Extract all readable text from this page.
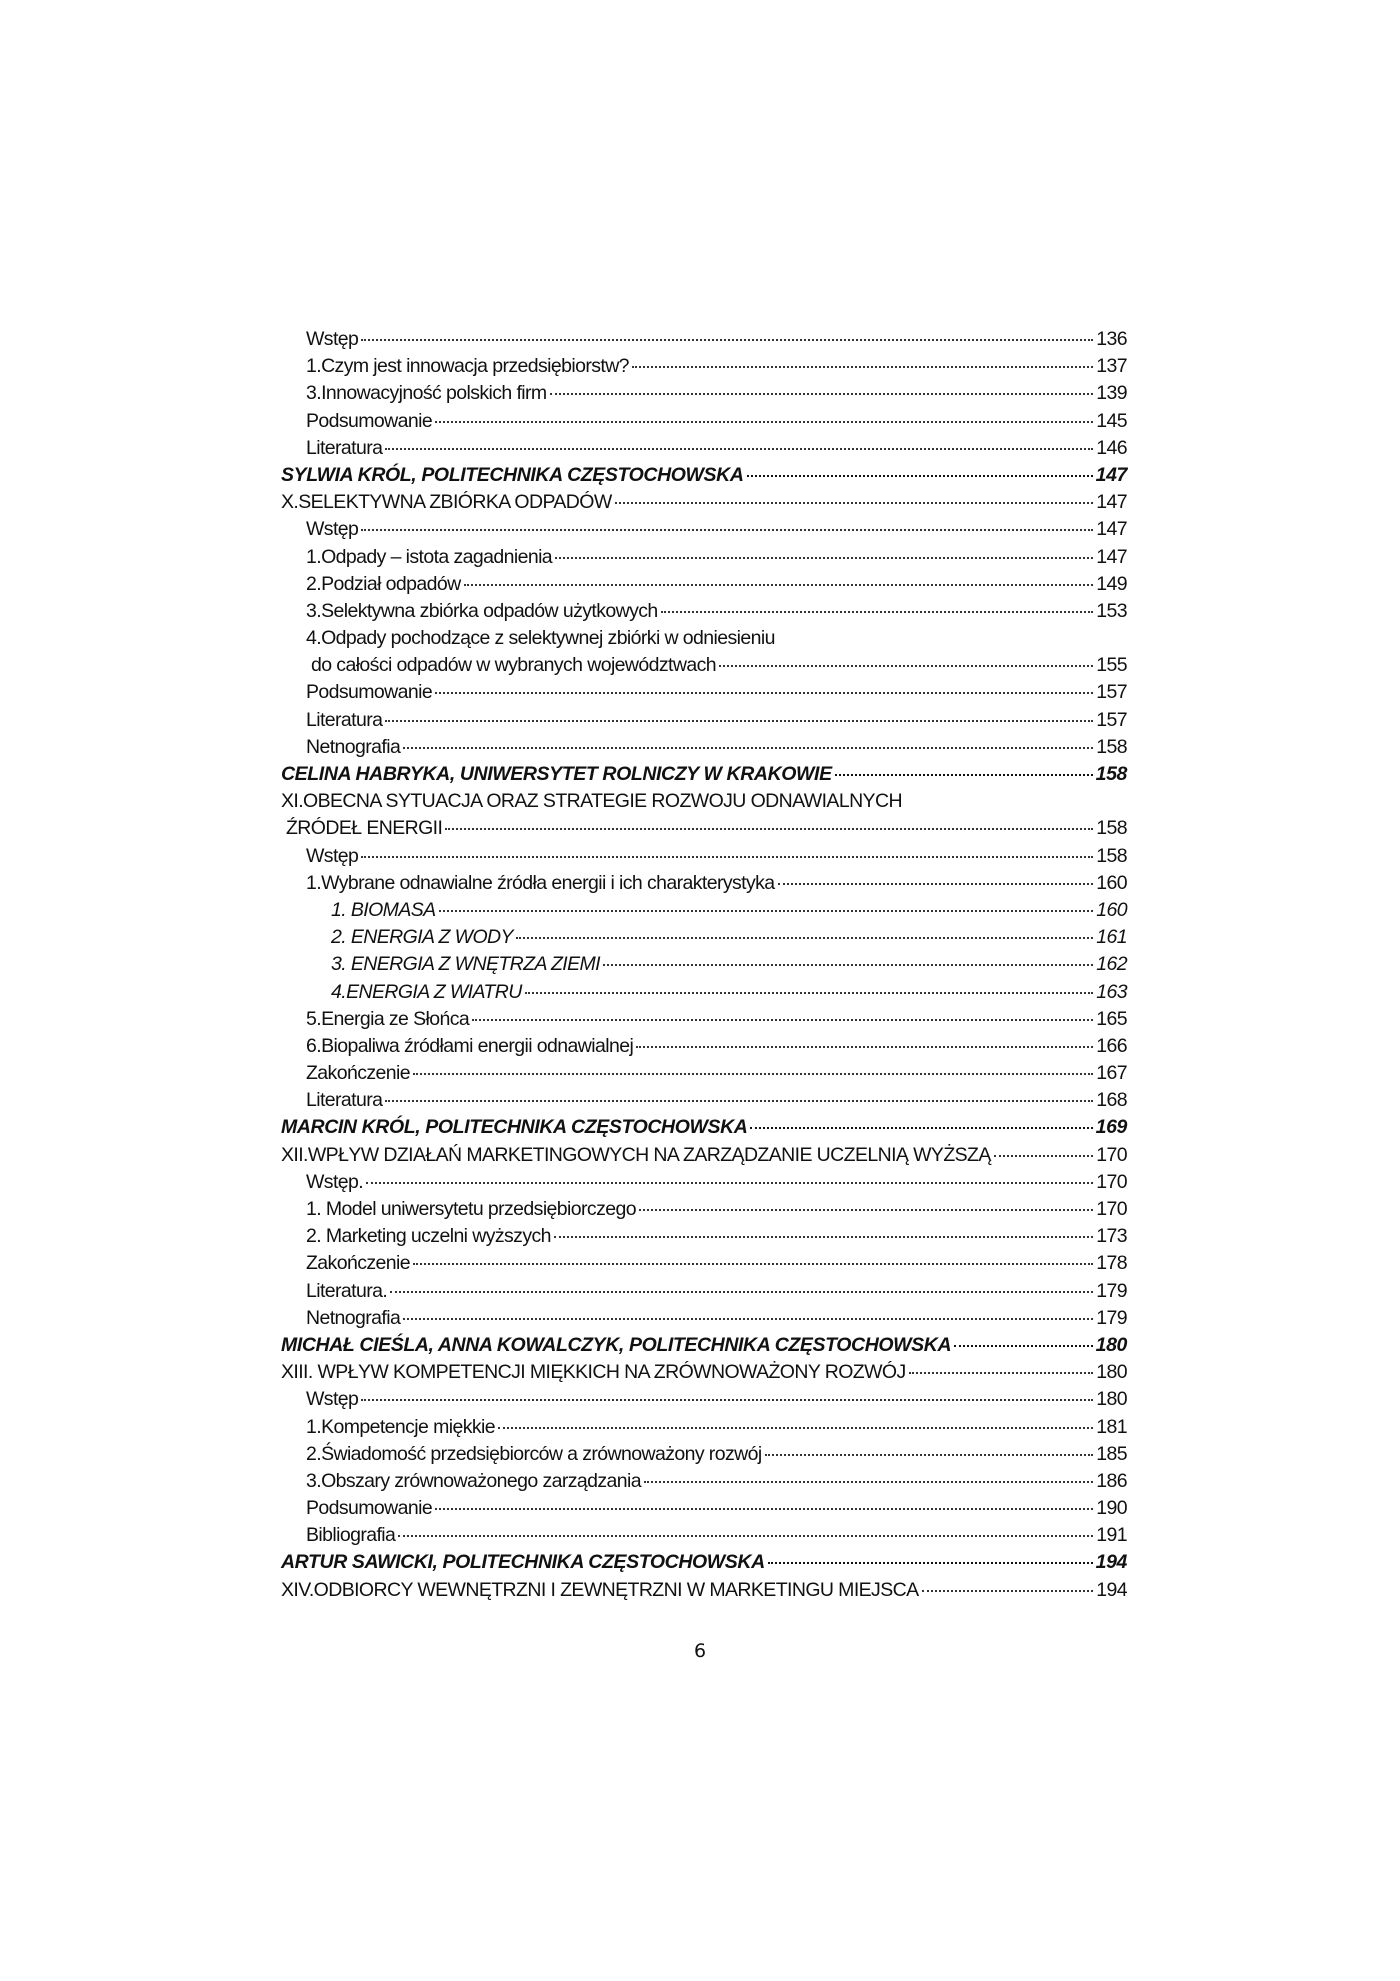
Wstęp	136
1.Czym jest innowacja przedsiębiorstw?	137
3.Innowacyjność polskich firm	139
Podsumowanie	145
Literatura	146
SYLWIA KRÓL, POLITECHNIKA CZĘSTOCHOWSKA	147
X.SELEKTYWNA ZBIÓRKA ODPADÓW	147
Wstęp	147
1.Odpady – istota zagadnienia	147
2.Podział odpadów	149
3.Selektywna zbiórka odpadów użytkowych	153
4.Odpady pochodzące z selektywnej zbiórki w odniesieniu
do całości odpadów w wybranych województwach	155
Podsumowanie	157
Literatura	157
Netnografia	158
CELINA HABRYKA, UNIWERSYTET ROLNICZY W KRAKOWIE	158
XI.OBECNA SYTUACJA ORAZ STRATEGIE ROZWOJU ODNAWIALNYCH
ŹRÓDEŁ ENERGII	158
Wstęp	158
1.Wybrane odnawialne źródła energii i ich charakterystyka	160
1. BIOMASA	160
2. ENERGIA Z WODY	161
3. ENERGIA Z WNĘTRZA ZIEMI	162
4.ENERGIA Z WIATRU	163
5.Energia ze Słońca	165
6.Biopaliwa źródłami energii odnawialnej	166
Zakończenie	167
Literatura	168
MARCIN KRÓL, POLITECHNIKA CZĘSTOCHOWSKA	169
XII.WPŁYW DZIAŁAŃ MARKETINGOWYCH NA ZARZĄDZANIE UCZELNIĄ WYŻSZĄ	170
Wstęp.	170
1. Model uniwersytetu przedsiębiorczego	170
2. Marketing uczelni wyższych	173
Zakończenie	178
Literatura.	179
Netnografia	179
MICHAŁ CIEŚLA, ANNA KOWALCZYK, POLITECHNIKA CZĘSTOCHOWSKA	180
XIII. WPŁYW KOMPETENCJI MIĘKKICH NA ZRÓWNOWAŻONY ROZWÓJ	180
Wstęp	180
1.Kompetencje miękkie	181
2.Świadomość przedsiębiorców a zrównoważony rozwój	185
3.Obszary zrównoważonego zarządzania	186
Podsumowanie	190
Bibliografia	191
ARTUR SAWICKI, POLITECHNIKA CZĘSTOCHOWSKA	194
XIV.ODBIORCY WEWNĘTRZNI I ZEWNĘTRZNI W MARKETINGU MIEJSCA	194
6
